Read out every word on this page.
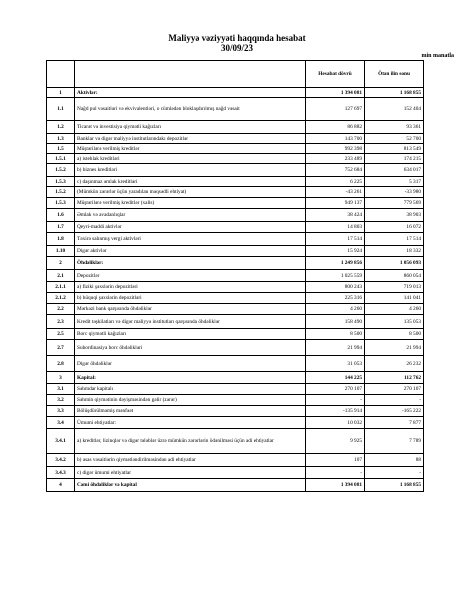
Maliyyə vəziyyəti haqqında hesabat
30/09/23
min manatla
		Hesabat dövrü	Ötən ilin sonu
1	Aktivlər:	1 394 081	1 168 855
1.1	Nağd pul vəsaitləri və ekvivalentləri, o cümlədən bloklaşdırılmış nağd vəsait	127 697	152 404
1.2	Ticarət və investisiya qiymətli kağızları	86 882	93 361
1.3	Banklar və digər maliyyə institutlarındakı depozitlər	143 700	52 700
1.5	Müştərilərə verilmiş kreditlər	992 398	813 549
1.5.1	a) istehlak kreditləri	233 489	174 215
1.5.2	b) biznes kreditləri	752 684	634 017
1.5.3	c) daşınmaz əmlak kreditləri	6 225	5 317
1.5.2	(Mümkün zərərlər üçün yaradılan məqsədli ehtiyat)	-43 261	-33 980
1.5.3	Müştərilərə verilmiş kreditlər (xalis)	949 137	779 569
1.6	Əmlak və avadanlıqlar	38 424	38 903
1.7	Qeyri-maddi aktivlər	14 803	16 072
1.8	Təxirə salınmış vergi aktivləri	17 514	17 514
1.10	Digər aktivlər	15 924	18 332
2	Öhdəliklər:	1 249 856	1 056 093
2.1	Depozitlər	1 025 559	860 054
2.1.1	a) fiziki şəxslərin depozitləri	800 243	719 013
2.1.2	b) hüquqi şəxslərin depozitləri	225 316	141 041
2.2	Mərkəzi bank qarşısında öhdəliklər	4 260	4 260
2.3	Kredit təşkilatları və digər maliyyə institutları qarşısında öhdəliklər	158 490	135 053
2.5	Borc qiymətli kağızları	8 500	8 500
2.7	Subordinasiya borc öhdəlikləri	21 994	21 994
2.8	Digər öhdəliklər	31 053	26 232
3	Kapital:	144 225	112 762
3.1	Səhmdar kapitalı	270 107	270 107
3.2	Səhmin qiymətinin dəyişməsindən gəlir (zərər)	-	-
3.3	Bölüşdürülməmiş mənfəət	-135 914	-165 222
3.4	Ümumi ehtiyatlar:	10 032	7 877
3.4.1	a) kreditlər, lizinqlər və digər tələblər üzrə mümkün zərərlərin ödənilməsi üçün adi ehtiyatlar	9 925	7 789
3.4.2	b) əsas vəsaitlərin qiymətləndirilməsindən adi ehtiyatlar	107	88
3.4.3	c) digər ümumi ehtiyatlar	-	-
4	Cəmi öhdəliklər və kapital	1 394 081	1 168 855
